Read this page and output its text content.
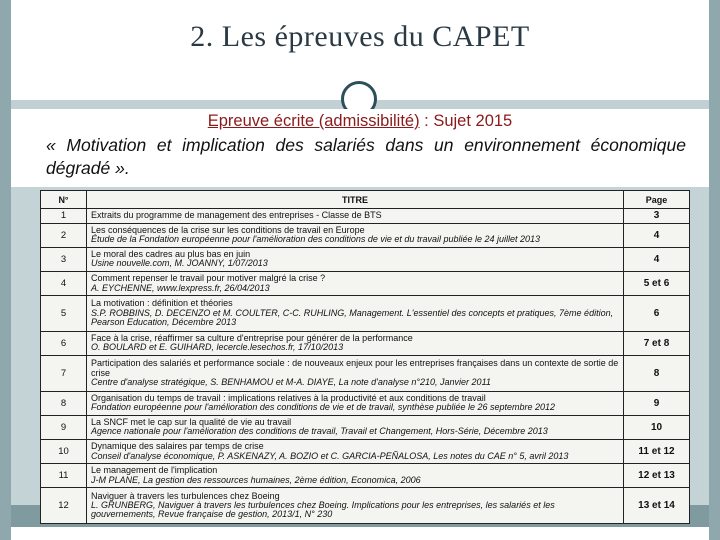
2. Les épreuves du CAPET
Epreuve écrite (admissibilité) : Sujet 2015
« Motivation et implication des salariés dans un environnement économique dégradé ».
N°	TITRE	Page
1	Extraits du programme de management des entreprises - Classe de BTS	3
2	Les conséquences de la crise sur les conditions de travail en Europe
Étude de la Fondation européenne pour l'amélioration des conditions de vie et du travail publiée le 24 juillet 2013	4
3	Le moral des cadres au plus bas en juin
Usine nouvelle.com, M. JOANNY, 1/07/2013	4
4	Comment repenser le travail pour motiver malgré la crise ?
A. EYCHENNE, www.lexpress.fr, 26/04/2013	5 et 6
5	La motivation : définition et théories
S.P. ROBBINS, D. DECENZO et M. COULTER, C-C. RUHLING, Management. L'essentiel des concepts et pratiques, 7ème édition, Pearson Education, Décembre 2013	6
6	Face à la crise, réaffirmer sa culture d'entreprise pour générer de la performance
O. BOULARD et E. GUIHARD, lecercle.lesechos.fr, 17/10/2013	7 et 8
7	Participation des salariés et performance sociale : de nouveaux enjeux pour les entreprises françaises dans un contexte de sortie de crise
Centre d'analyse stratégique, S. BENHAMOU et M-A. DIAYE, La note d'analyse n°210, Janvier 2011	8
8	Organisation du temps de travail : implications relatives à la productivité et aux conditions de travail
Fondation européenne pour l'amélioration des conditions de vie et de travail, synthèse publiée le 26 septembre 2012	9
9	La SNCF met le cap sur la qualité de vie au travail
Agence nationale pour l'amélioration des conditions de travail, Travail et Changement, Hors-Série, Décembre 2013	10
10	Dynamique des salaires par temps de crise
Conseil d'analyse économique, P. ASKENAZY, A. BOZIO et C. GARCIA-PEÑALOSA, Les notes du CAE n° 5, avril 2013	11 et 12
11	Le management de l'implication
J-M PLANE, La gestion des ressources humaines, 2ème édition, Economica, 2006	12 et 13
12	Naviguer à travers les turbulences chez Boeing
L. GRUNBERG, Naviguer à travers les turbulences chez Boeing. Implications pour les entreprises, les salariés et les gouvernements, Revue française de gestion, 2013/1, N° 230	13 et 14
